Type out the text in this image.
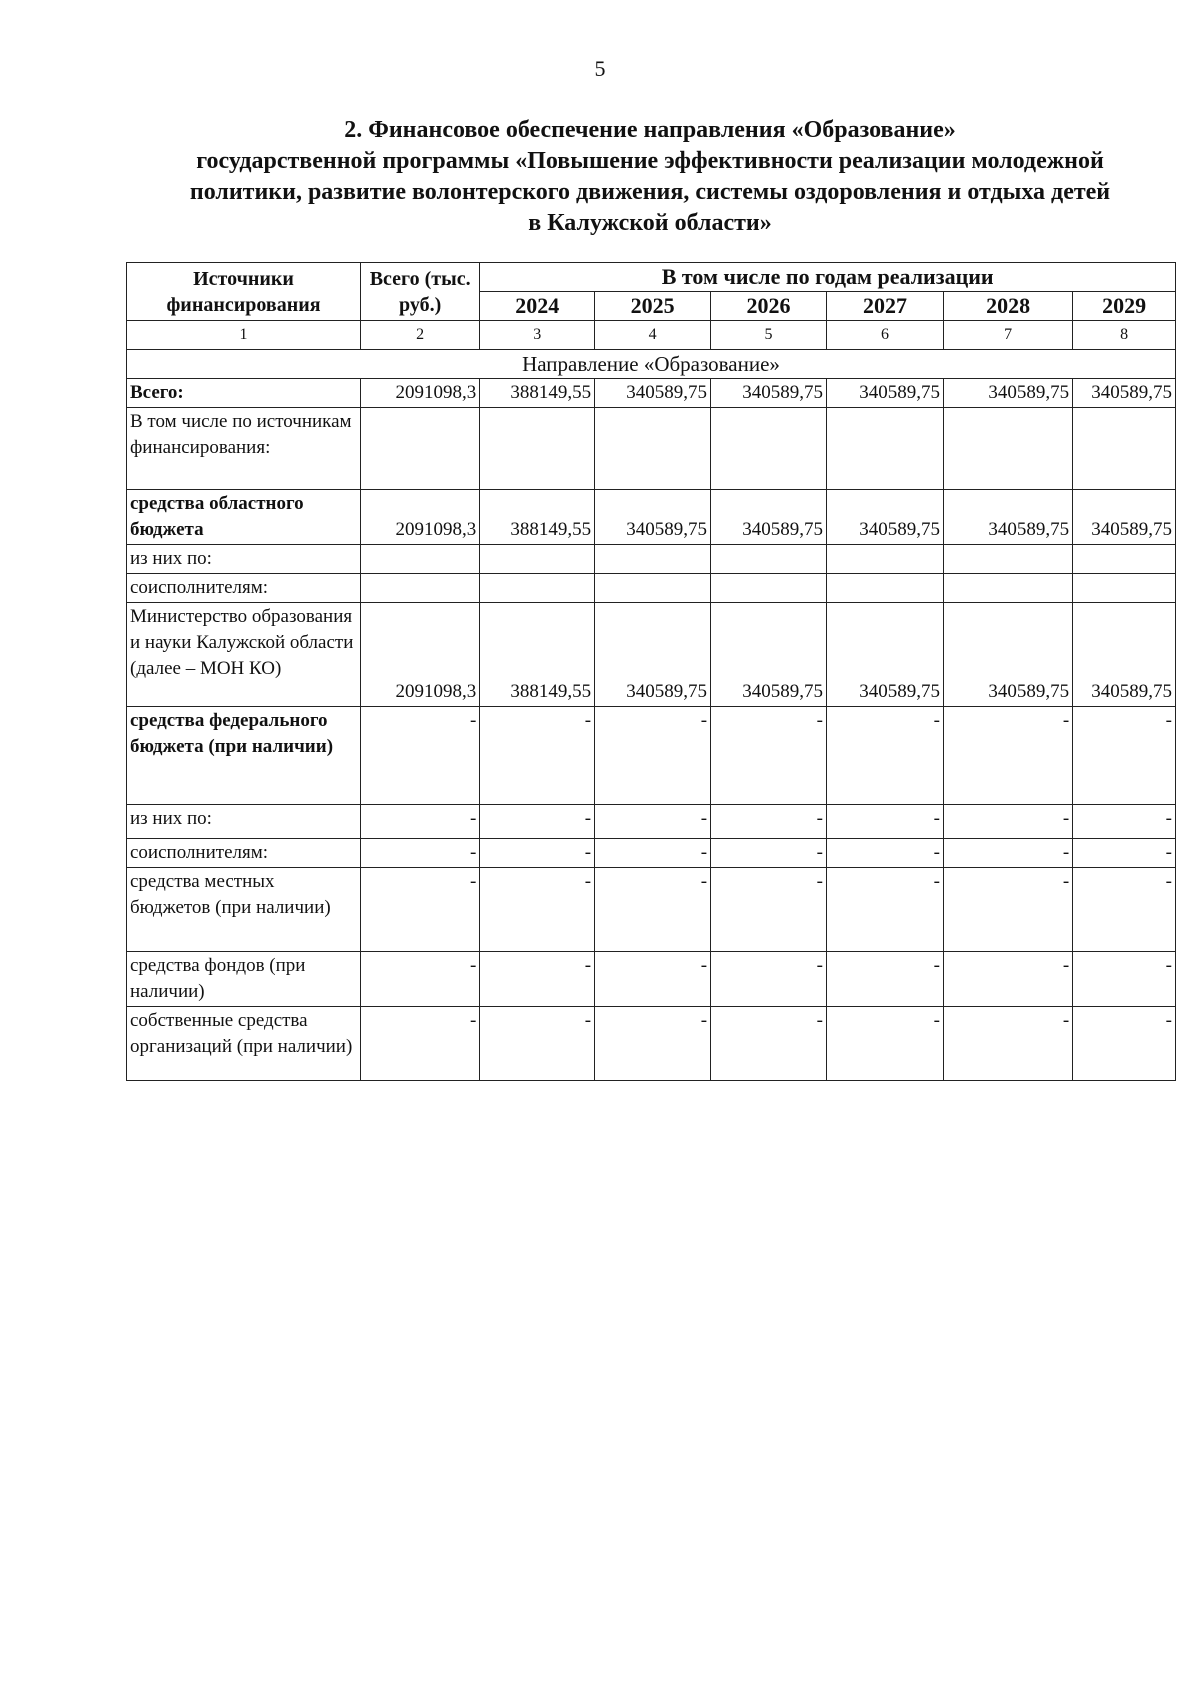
5
2. Финансовое обеспечение направления «Образование»
государственной программы «Повышение эффективности реализации молодежной
политики, развитие волонтерского движения, системы оздоровления и отдыха детей
в Калужской области»
Источники финансирования	Всего (тыс. руб.)	В том числе по годам реализации					
		2024	2025	2026	2027	2028	2029
1	2	3	4	5	6	7	8
Направление «Образование»							
Всего:	2091098,3	388149,55	340589,75	340589,75	340589,75	340589,75	340589,75
В том числе по источникам финансирования:							
средства областного бюджета	2091098,3	388149,55	340589,75	340589,75	340589,75	340589,75	340589,75
из них по:							
соисполнителям:							
Министерство образования и науки Калужской области (далее – МОН КО)	2091098,3	388149,55	340589,75	340589,75	340589,75	340589,75	340589,75
средства федерального бюджета (при наличии)	-	-	-	-	-	-	-
из них по:	-	-	-	-	-	-	-
соисполнителям:	-	-	-	-	-	-	-
средства местных бюджетов (при наличии)	-	-	-	-	-	-	-
средства фондов (при наличии)	-	-	-	-	-	-	-
собственные средства организаций (при наличии)	-	-	-	-	-	-	-
